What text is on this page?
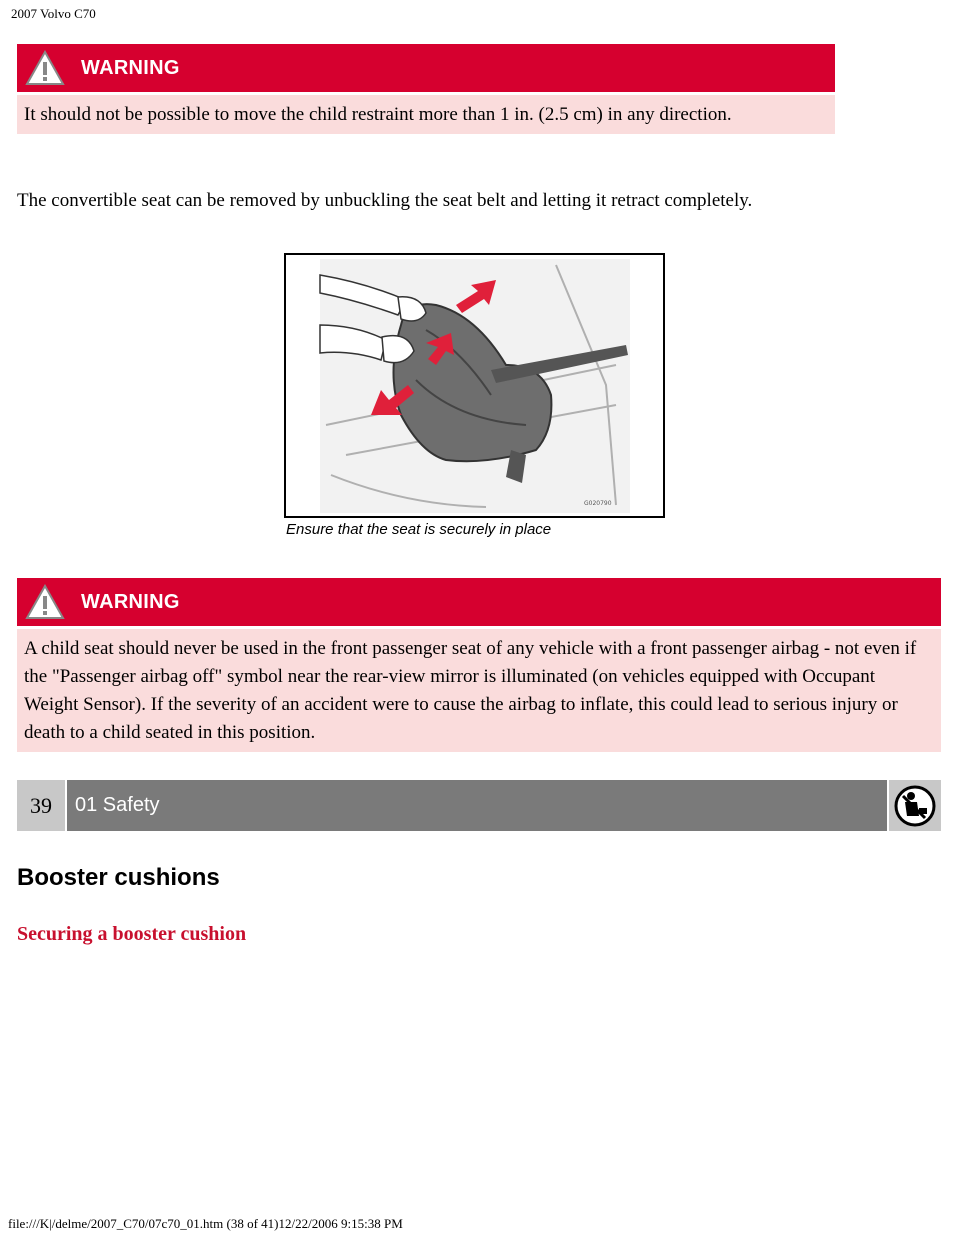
2007 Volvo C70
WARNING
It should not be possible to move the child restraint more than 1 in. (2.5 cm) in any direction.
The convertible seat can be removed by unbuckling the seat belt and letting it retract completely.
G020790
Ensure that the seat is securely in place
WARNING
A child seat should never be used in the front passenger seat of any vehicle with a front passenger airbag - not even if the "Passenger airbag off" symbol near the rear-view mirror is illuminated (on vehicles equipped with Occupant Weight Sensor). If the severity of an accident were to cause the airbag to inflate, this could lead to serious injury or death to a child seated in this position.
39	01 Safety
Booster cushions
Securing a booster cushion
file:///K|/delme/2007_C70/07c70_01.htm (38 of 41)12/22/2006 9:15:38 PM
